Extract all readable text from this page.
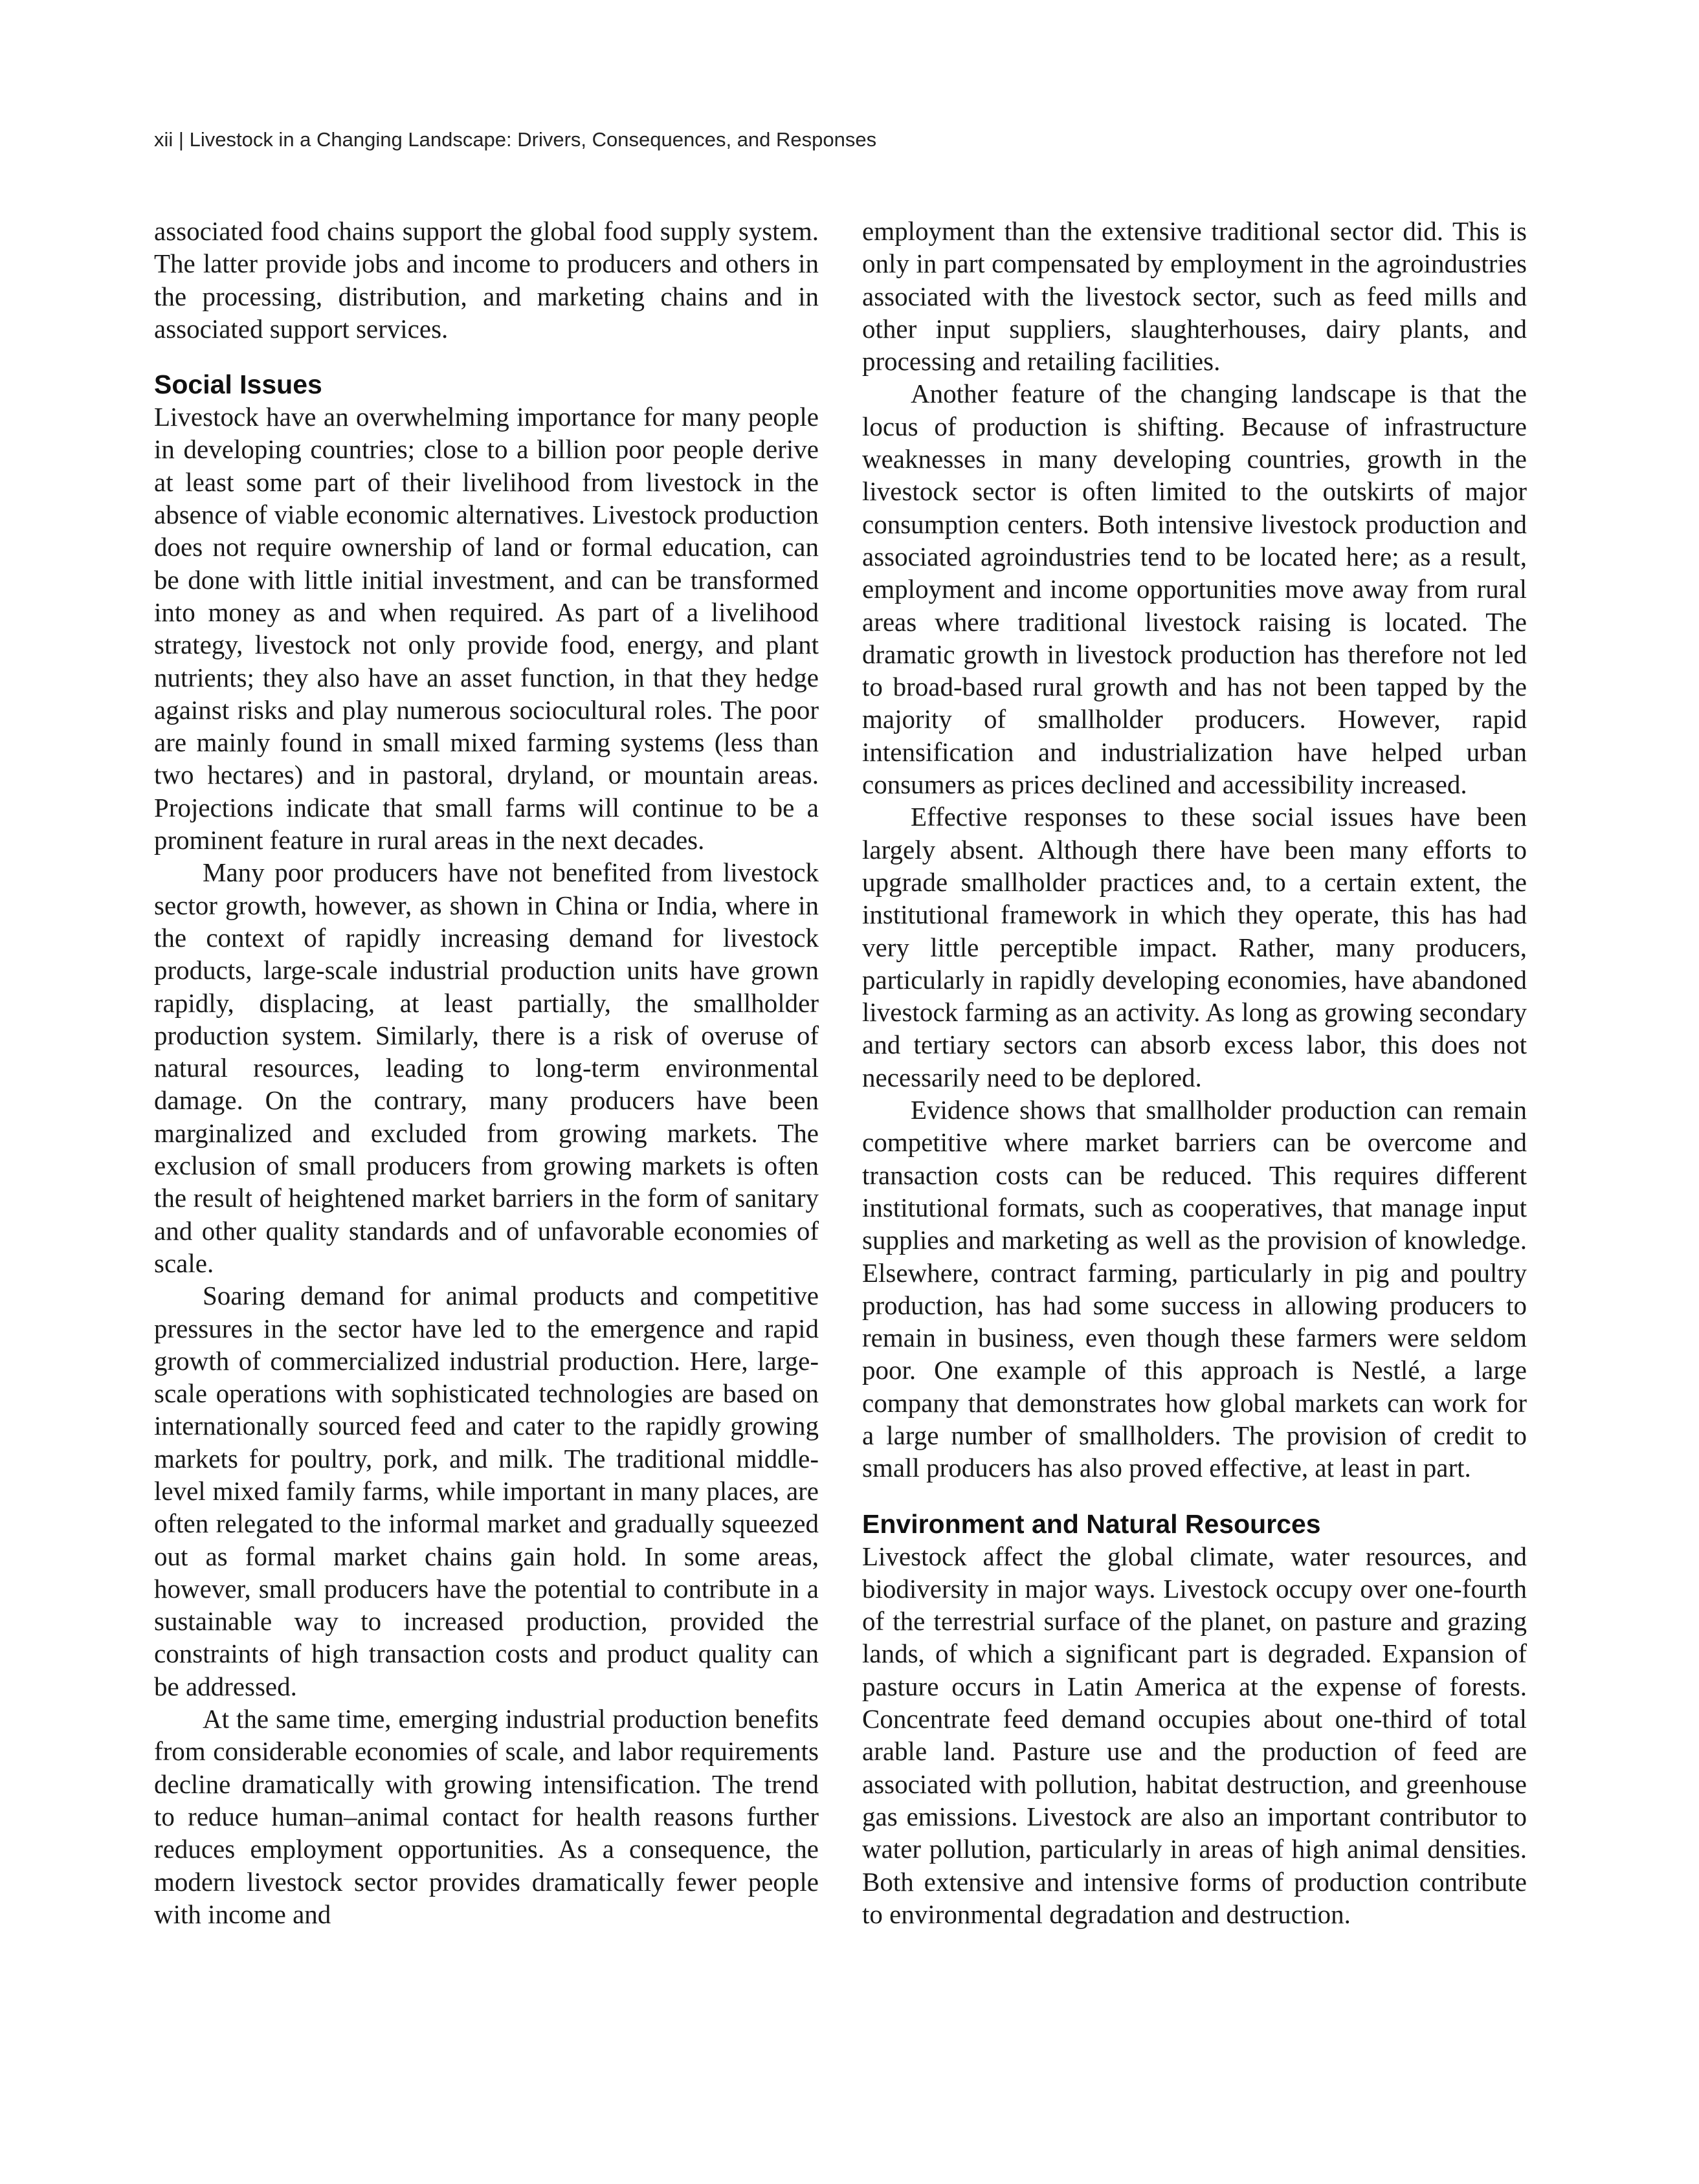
xii | Livestock in a Changing Landscape: Drivers, Consequences, and Responses

associated food chains support the global food supply system. The latter provide jobs and income to producers and others in the processing, distribution, and marketing chains and in associated support services.

Social Issues

Livestock have an overwhelming importance for many people in developing countries; close to a billion poor people derive at least some part of their livelihood from livestock in the absence of viable economic alternatives. Livestock production does not require ownership of land or formal education, can be done with little initial investment, and can be transformed into money as and when required. As part of a livelihood strategy, livestock not only provide food, energy, and plant nutrients; they also have an asset function, in that they hedge against risks and play numerous sociocultural roles. The poor are mainly found in small mixed farming systems (less than two hectares) and in pastoral, dryland, or mountain areas. Projections indicate that small farms will continue to be a prominent feature in rural areas in the next decades.

Many poor producers have not benefited from livestock sector growth, however, as shown in China or India, where in the context of rapidly increasing demand for livestock products, large-scale industrial production units have grown rapidly, displacing, at least partially, the smallholder production system. Similarly, there is a risk of overuse of natural resources, leading to long-term environmental damage. On the contrary, many producers have been marginalized and excluded from growing markets. The exclusion of small producers from growing markets is often the result of heightened market barriers in the form of sanitary and other quality standards and of unfavorable economies of scale.

Soaring demand for animal products and competitive pressures in the sector have led to the emergence and rapid growth of commercialized industrial production. Here, large-scale operations with sophisticated technologies are based on internationally sourced feed and cater to the rapidly growing markets for poultry, pork, and milk. The traditional middle-level mixed family farms, while important in many places, are often relegated to the informal market and gradually squeezed out as formal market chains gain hold. In some areas, however, small producers have the potential to contribute in a sustainable way to increased production, provided the constraints of high transaction costs and product quality can be addressed.

At the same time, emerging industrial production benefits from considerable economies of scale, and labor requirements decline dramatically with growing intensification. The trend to reduce human–animal contact for health reasons further reduces employment opportunities. As a consequence, the modern livestock sector provides dramatically fewer people with income and

employment than the extensive traditional sector did. This is only in part compensated by employment in the agroindustries associated with the livestock sector, such as feed mills and other input suppliers, slaughterhouses, dairy plants, and processing and retailing facilities.

Another feature of the changing landscape is that the locus of production is shifting. Because of infrastructure weaknesses in many developing countries, growth in the livestock sector is often limited to the outskirts of major consumption centers. Both intensive livestock production and associated agroindustries tend to be located here; as a result, employment and income opportunities move away from rural areas where traditional livestock raising is located. The dramatic growth in livestock production has therefore not led to broad-based rural growth and has not been tapped by the majority of smallholder producers. However, rapid intensification and industrialization have helped urban consumers as prices declined and accessibility increased.

Effective responses to these social issues have been largely absent. Although there have been many efforts to upgrade smallholder practices and, to a certain extent, the institutional framework in which they operate, this has had very little perceptible impact. Rather, many producers, particularly in rapidly developing economies, have abandoned livestock farming as an activity. As long as growing secondary and tertiary sectors can absorb excess labor, this does not necessarily need to be deplored.

Evidence shows that smallholder production can remain competitive where market barriers can be overcome and transaction costs can be reduced. This requires different institutional formats, such as cooperatives, that manage input supplies and marketing as well as the provision of knowledge. Elsewhere, contract farming, particularly in pig and poultry production, has had some success in allowing producers to remain in business, even though these farmers were seldom poor. One example of this approach is Nestlé, a large company that demonstrates how global markets can work for a large number of smallholders. The provision of credit to small producers has also proved effective, at least in part.

Environment and Natural Resources

Livestock affect the global climate, water resources, and biodiversity in major ways. Livestock occupy over one-fourth of the terrestrial surface of the planet, on pasture and grazing lands, of which a significant part is degraded. Expansion of pasture occurs in Latin America at the expense of forests. Concentrate feed demand occupies about one-third of total arable land. Pasture use and the production of feed are associated with pollution, habitat destruction, and greenhouse gas emissions. Livestock are also an important contributor to water pollution, particularly in areas of high animal densities. Both extensive and intensive forms of production contribute to environmental degradation and destruction.
